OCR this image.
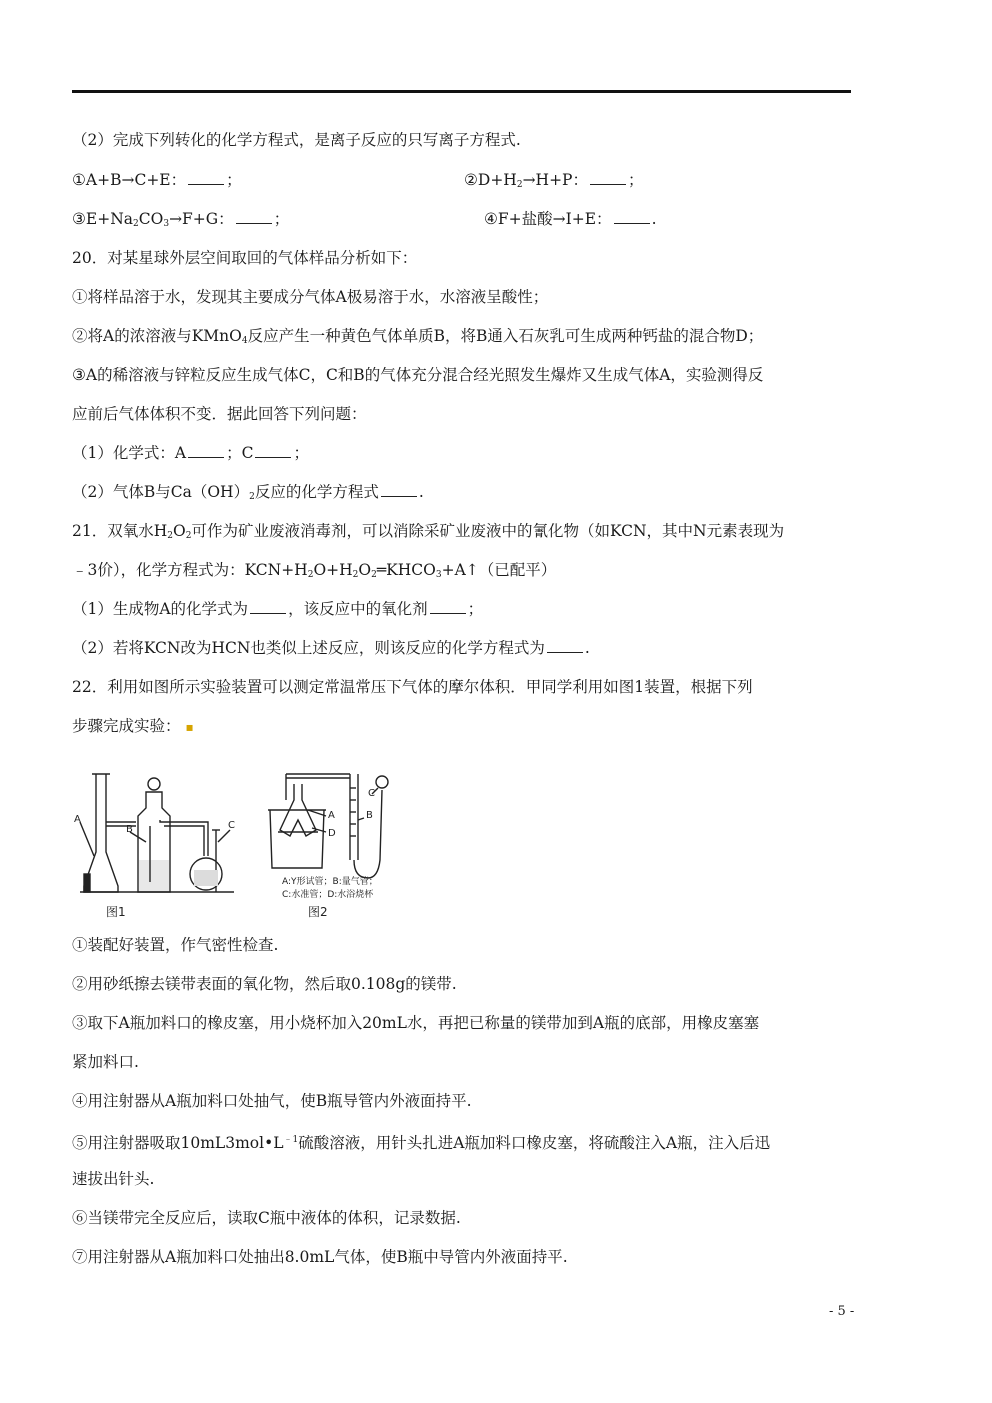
（2）完成下列转化的化学方程式，是离子反应的只写离子方程式.
①A+B→C+E：	；	$②D+H_2\to H+P$：	；
$③E+Na_2CO_3\to F+G$：	；	④F+盐酸→I+E：	.
20．对某星球外层空间取回的气体样品分析如下：
①将样品溶于水，发现其主要成分气体A极易溶于水，水溶液呈酸性；
②将A的浓溶液与KMnO$_4$反应产生一种黄色气体单质B，将B通入石灰乳可生成两种钙盐的混合物D；
③A的稀溶液与锌粒反应生成气体C，C和B的气体充分混合经光照发生爆炸又生成气体A，实验测得反
应前后气体体积不变．据此回答下列问题：
（1）化学式：A	；C	；
（2）气体B与$Ca(OH)_2$反应的化学方程式	.
21．双氧水$H_2O_2$可作为矿业废液消毒剂，可以消除采矿业废液中的氰化物（如KCN，其中N元素表现为
﹣3价），化学方程式为：$KCN+H_2O+H_2O_2═KHCO_3+A↑$（已配平）
（1）生成物A的化学式为	，该反应中的氧化剂	；
（2）若将KCN改为HCN也类似上述反应，则该反应的化学方程式为	.
22．利用如图所示实验装置可以测定常温常压下气体的摩尔体积．甲同学利用如图1装置，根据下列
步骤完成实验： ▪
A
B	C
A	B
C
D
A:Y形试管；B:量气管；
C:水准管；D:水浴烧杯
图1	图2
①装配好装置，作气密性检查.
②用砂纸擦去镁带表面的氧化物，然后取0.108g的镁带.
③取下A瓶加料口的橡皮塞，用小烧杯加入20mL水，再把已称量的镁带加到A瓶的底部，用橡皮塞塞
紧加料口.
④用注射器从A瓶加料口处抽气，使B瓶导管内外液面持平.
⑤用注射器吸取$10mL3mol•L^{﹣1}$硫酸溶液，用针头扎进A瓶加料口橡皮塞，将硫酸注入A瓶，注入后迅
速拔出针头.
⑥当镁带完全反应后，读取C瓶中液体的体积，记录数据.
⑦用注射器从A瓶加料口处抽出8.0mL气体，使B瓶中导管内外液面持平.
- 5 -
